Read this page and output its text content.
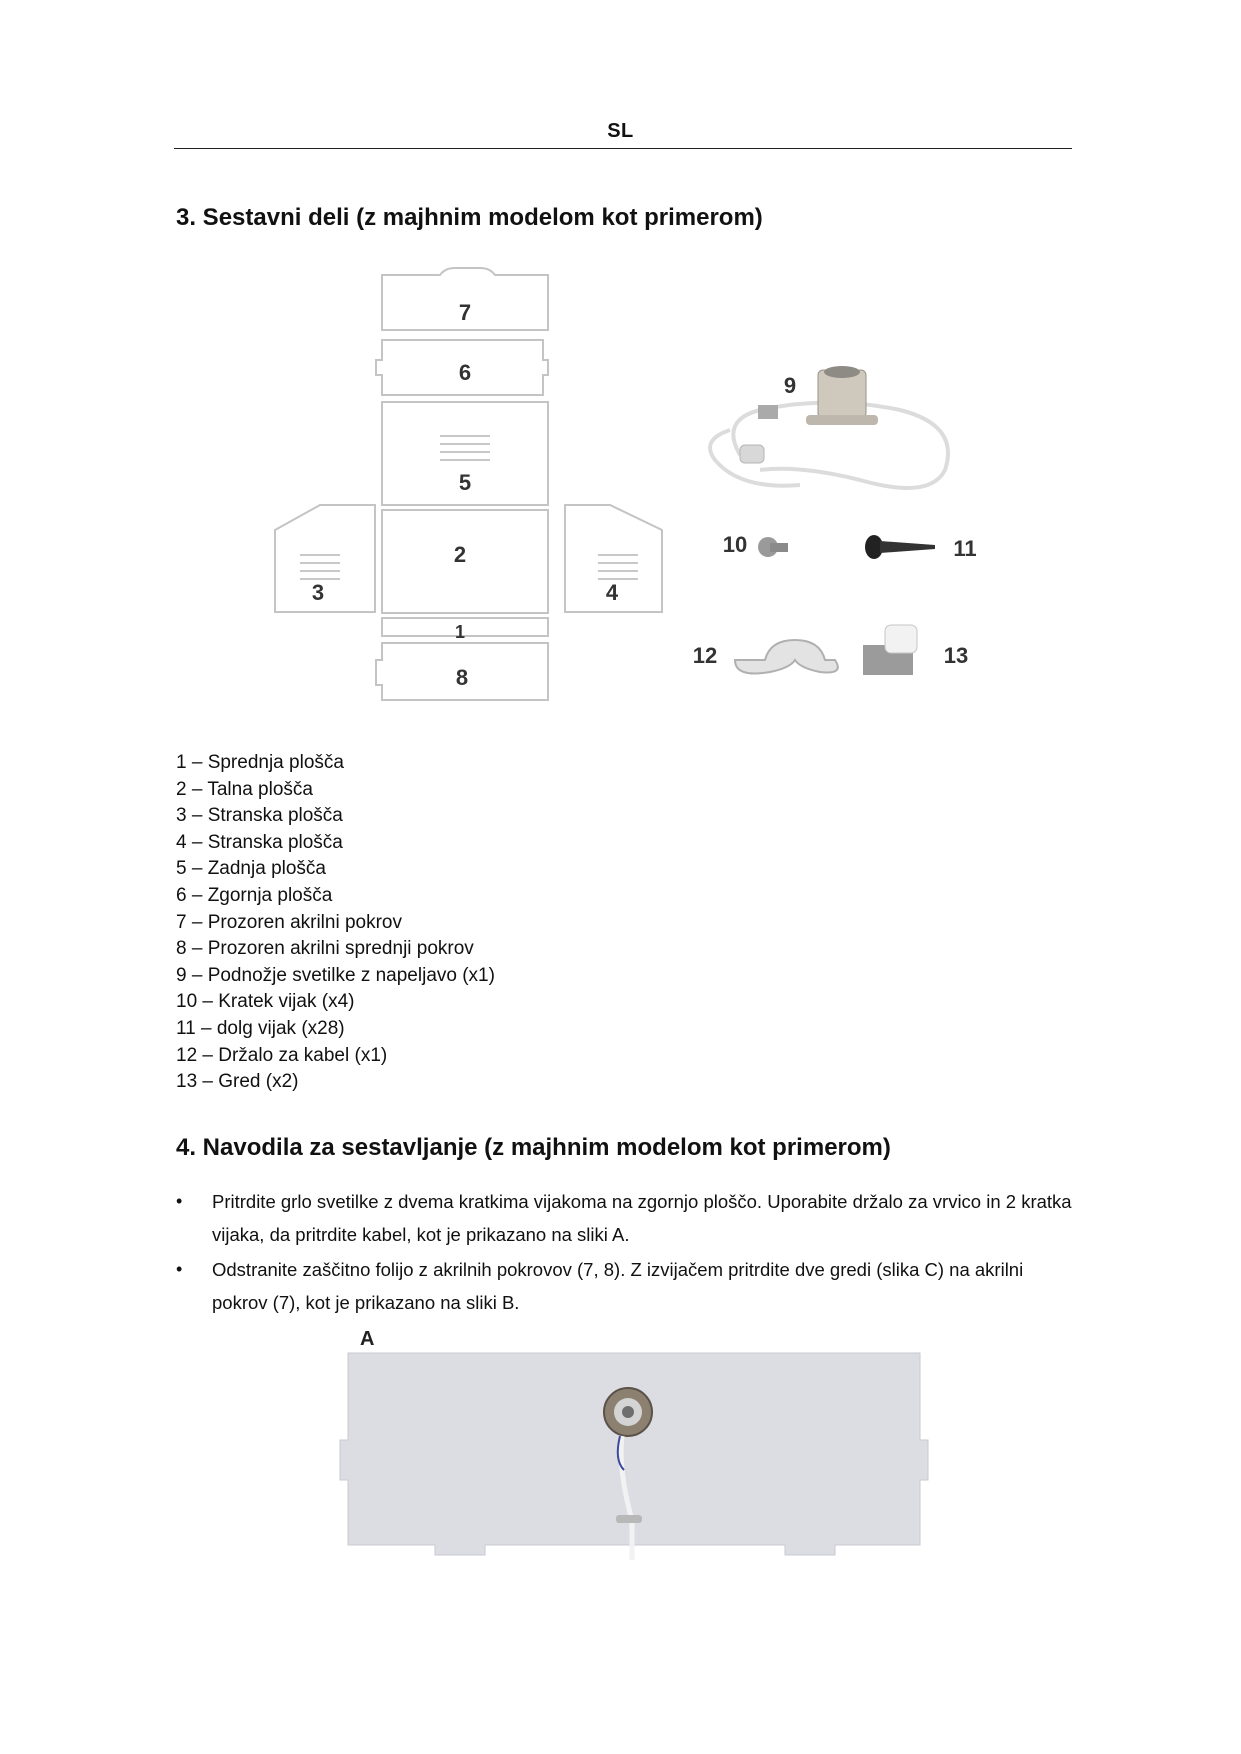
SL
3. Sestavni deli (z majhnim modelom kot primerom)
7
6
5
2
3	4
1
8
9
10	11
12	13
1 – Sprednja plošča
2 – Talna plošča
3 – Stranska plošča
4 – Stranska plošča
5 – Zadnja plošča
6 – Zgornja plošča
7 – Prozoren akrilni pokrov
8 – Prozoren akrilni sprednji pokrov
9 – Podnožje svetilke z napeljavo (x1)
10 – Kratek vijak (x4)
11 – dolg vijak (x28)
12 – Držalo za kabel (x1)
13 – Gred (x2)
4. Navodila za sestavljanje (z majhnim modelom kot primerom)
• Pritrdite grlo svetilke z dvema kratkima vijakoma na zgornjo ploščo. Uporabite držalo za vrvico in 2 kratka vijaka, da pritrdite kabel, kot je prikazano na sliki A.
• Odstranite zaščitno folijo z akrilnih pokrovov (7, 8). Z izvijačem pritrdite dve gredi (slika C) na akrilni pokrov (7), kot je prikazano na sliki B.
A
